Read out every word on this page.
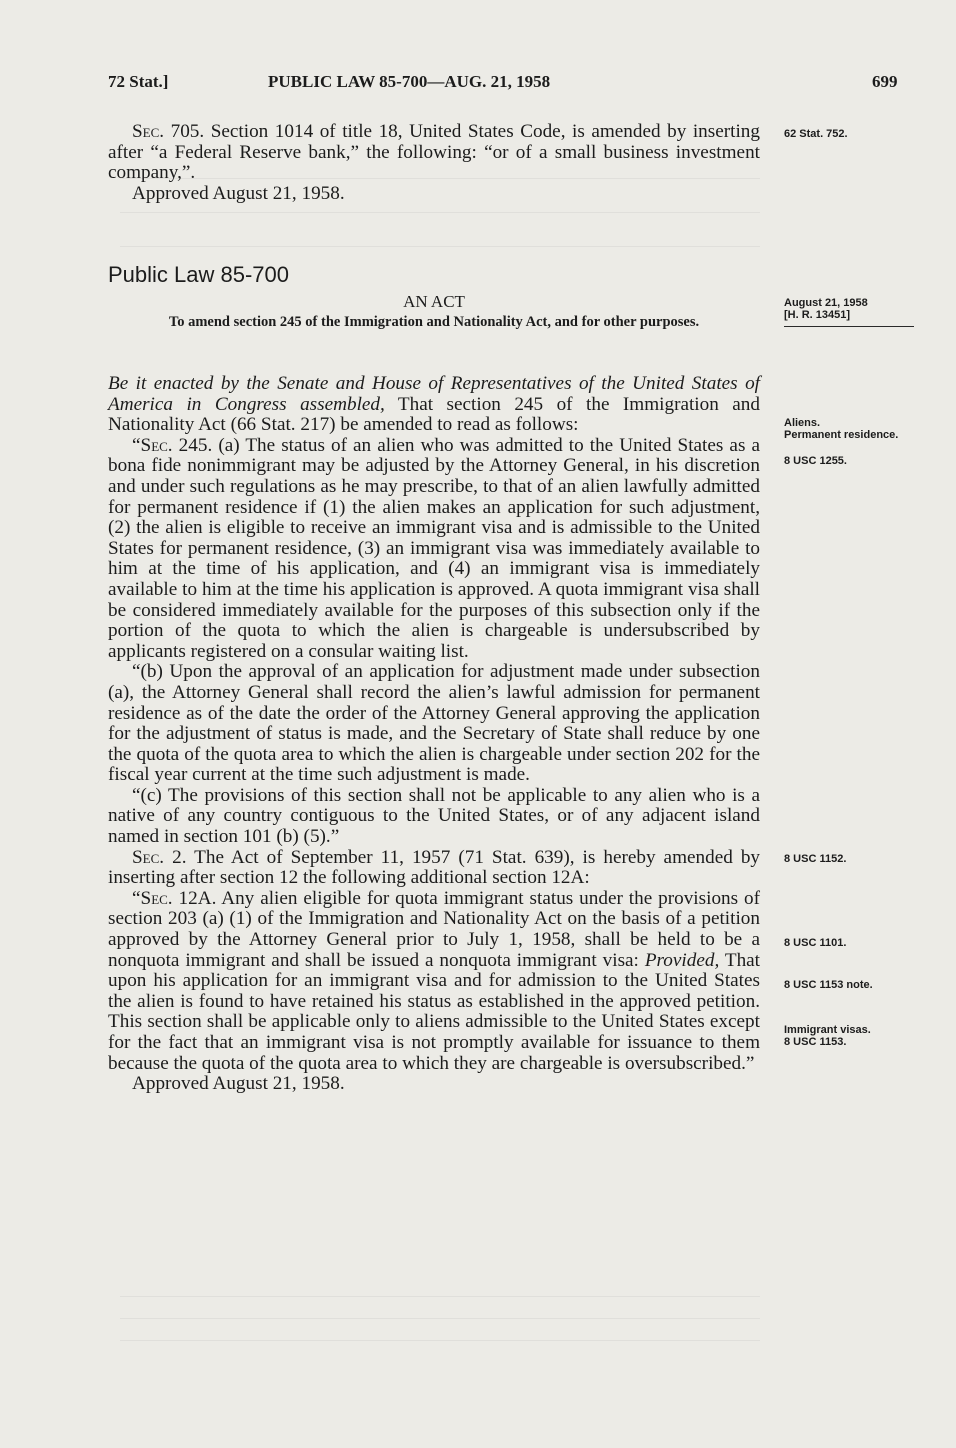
72 Stat.]	PUBLIC LAW 85-700—AUG. 21, 1958	699

Sec. 705. Section 1014 of title 18, United States Code, is amended by inserting after “a Federal Reserve bank,” the following: “or of a small business investment company,”.

Approved August 21, 1958.

Public Law 85-700
AN ACT
To amend section 245 of the Immigration and Nationality Act, and for other purposes.

Be it enacted by the Senate and House of Representatives of the United States of America in Congress assembled, That section 245 of the Immigration and Nationality Act (66 Stat. 217) be amended to read as follows:

“Sec. 245. (a) The status of an alien who was admitted to the United States as a bona fide nonimmigrant may be adjusted by the Attorney General, in his discretion and under such regulations as he may prescribe, to that of an alien lawfully admitted for permanent residence if (1) the alien makes an application for such adjustment, (2) the alien is eligible to receive an immigrant visa and is admissible to the United States for permanent residence, (3) an immigrant visa was immediately available to him at the time of his application, and (4) an immigrant visa is immediately available to him at the time his application is approved. A quota immigrant visa shall be considered immediately available for the purposes of this subsection only if the portion of the quota to which the alien is chargeable is undersubscribed by applicants registered on a consular waiting list.

“(b) Upon the approval of an application for adjustment made under subsection (a), the Attorney General shall record the alien’s lawful admission for permanent residence as of the date the order of the Attorney General approving the application for the adjustment of status is made, and the Secretary of State shall reduce by one the quota of the quota area to which the alien is chargeable under section 202 for the fiscal year current at the time such adjustment is made.

“(c) The provisions of this section shall not be applicable to any alien who is a native of any country contiguous to the United States, or of any adjacent island named in section 101 (b) (5).”

Sec. 2. The Act of September 11, 1957 (71 Stat. 639), is hereby amended by inserting after section 12 the following additional section 12A:

“Sec. 12A. Any alien eligible for quota immigrant status under the provisions of section 203 (a) (1) of the Immigration and Nationality Act on the basis of a petition approved by the Attorney General prior to July 1, 1958, shall be held to be a nonquota immigrant and shall be issued a nonquota immigrant visa: Provided, That upon his application for an immigrant visa and for admission to the United States the alien is found to have retained his status as established in the approved petition. This section shall be applicable only to aliens admissible to the United States except for the fact that an immigrant visa is not promptly available for issuance to them because the quota of the quota area to which they are chargeable is oversubscribed.”

Approved August 21, 1958.

62 Stat. 752.
August 21, 1958
[H. R. 13451]
Aliens.
Permanent residence.
8 USC 1255.
8 USC 1152.
8 USC 1101.
8 USC 1153 note.
Immigrant visas.
8 USC 1153.
